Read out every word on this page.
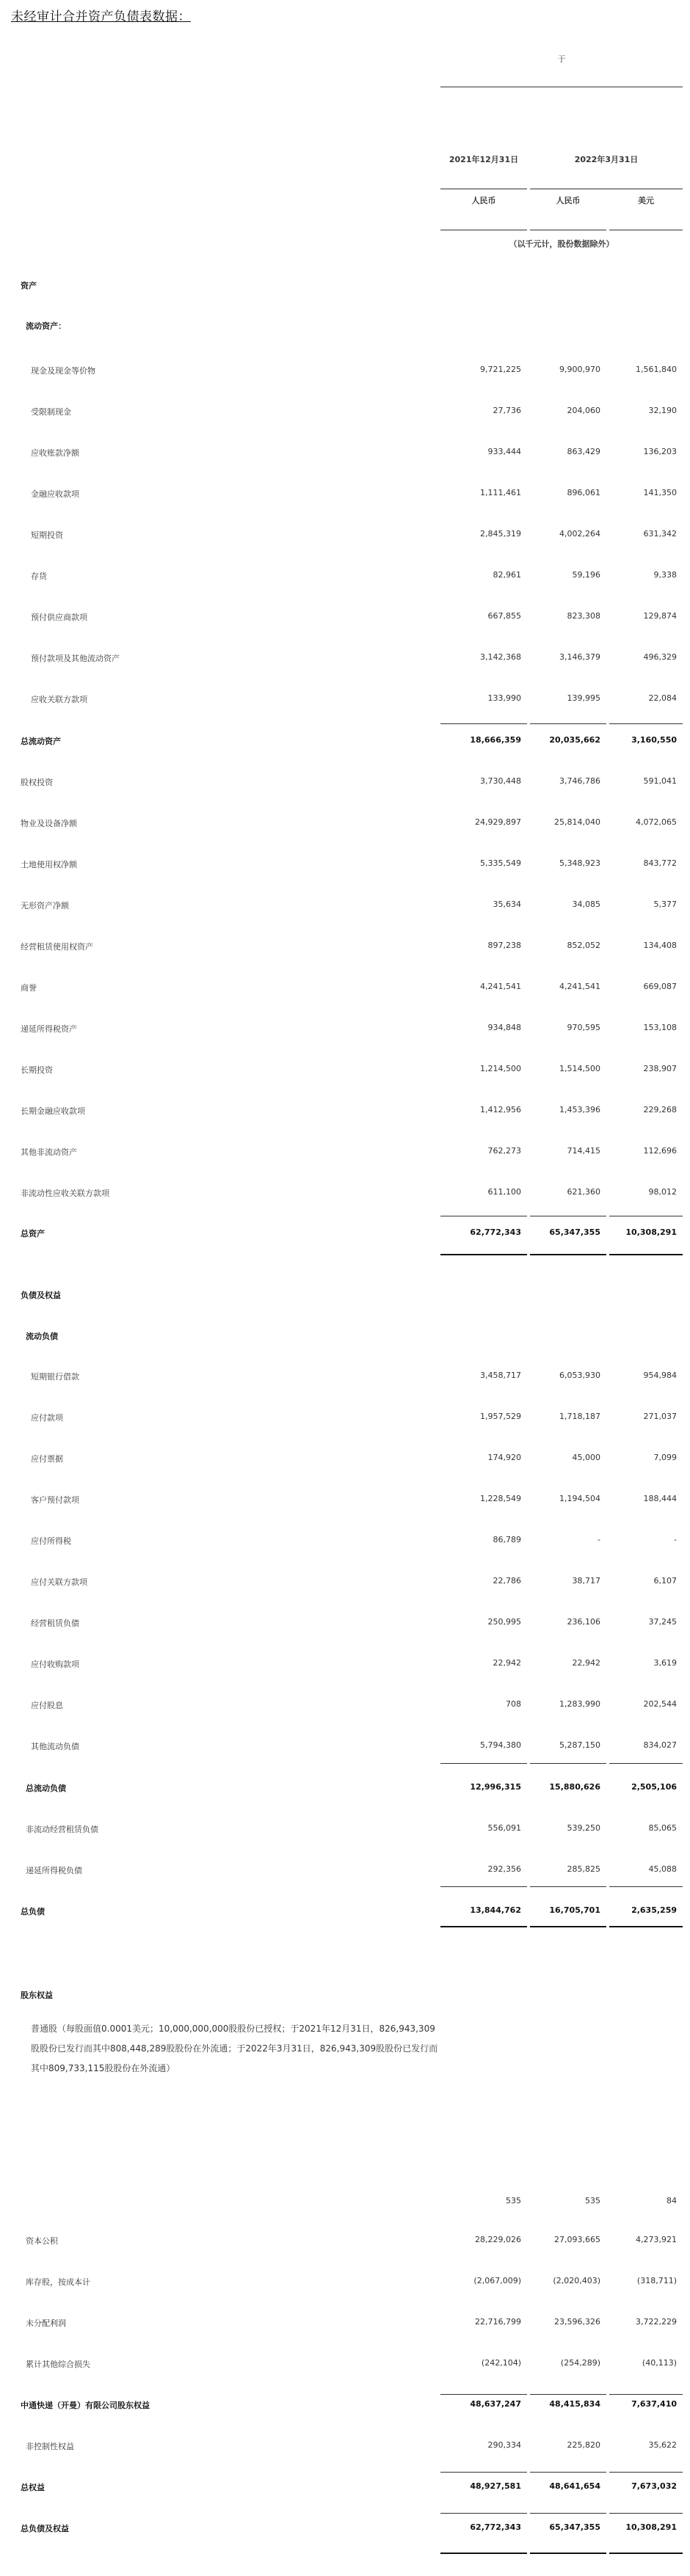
未经审计合并资产负债表数据：
于
2021年12月31日	2022年3月31日
人民币	人民币	美元
（以千元计，股份数据除外）
资产
流动资产：
负债及权益
流动负债
股东权益
普通股（每股面值0.0001美元；10,000,000,000股股份已授权；于2021年12月31日，826,943,309股股份已发行而其中808,448,289股股份在外流通；于2022年3月31日，826,943,309股股份已发行而其中809,733,115股股份在外流通）
现金及现金等价物	9,721,225	9,900,970	1,561,840
受限制现金	27,736	204,060	32,190
应收账款净额	933,444	863,429	136,203
金融应收款项	1,111,461	896,061	141,350
短期投资	2,845,319	4,002,264	631,342
存货	82,961	59,196	9,338
预付供应商款项	667,855	823,308	129,874
预付款项及其他流动资产	3,142,368	3,146,379	496,329
应收关联方款项	133,990	139,995	22,084
总流动资产	18,666,359	20,035,662	3,160,550
股权投资	3,730,448	3,746,786	591,041
物业及设备净额	24,929,897	25,814,040	4,072,065
土地使用权净额	5,335,549	5,348,923	843,772
无形资产净额	35,634	34,085	5,377
经营租赁使用权资产	897,238	852,052	134,408
商誉	4,241,541	4,241,541	669,087
递延所得税资产	934,848	970,595	153,108
长期投资	1,214,500	1,514,500	238,907
长期金融应收款项	1,412,956	1,453,396	229,268
其他非流动资产	762,273	714,415	112,696
非流动性应收关联方款项	611,100	621,360	98,012
总资产	62,772,343	65,347,355	10,308,291
短期银行借款	3,458,717	6,053,930	954,984
应付款项	1,957,529	1,718,187	271,037
应付票据	174,920	45,000	7,099
客户预付款项	1,228,549	1,194,504	188,444
应付所得税	86,789	-	-
应付关联方款项	22,786	38,717	6,107
经营租赁负债	250,995	236,106	37,245
应付收购款项	22,942	22,942	3,619
应付股息	708	1,283,990	202,544
其他流动负债	5,794,380	5,287,150	834,027
总流动负债	12,996,315	15,880,626	2,505,106
非流动经营租赁负债	556,091	539,250	85,065
递延所得税负债	292,356	285,825	45,088
总负债	13,844,762	16,705,701	2,635,259
535	535	84
资本公积	28,229,026	27,093,665	4,273,921
库存股，按成本计	(2,067,009)	(2,020,403)	(318,711)
未分配利润	22,716,799	23,596,326	3,722,229
累计其他综合损失	(242,104)	(254,289)	(40,113)
中通快递（开曼）有限公司股东权益	48,637,247	48,415,834	7,637,410
非控制性权益	290,334	225,820	35,622
总权益	48,927,581	48,641,654	7,673,032
总负债及权益	62,772,343	65,347,355	10,308,291
